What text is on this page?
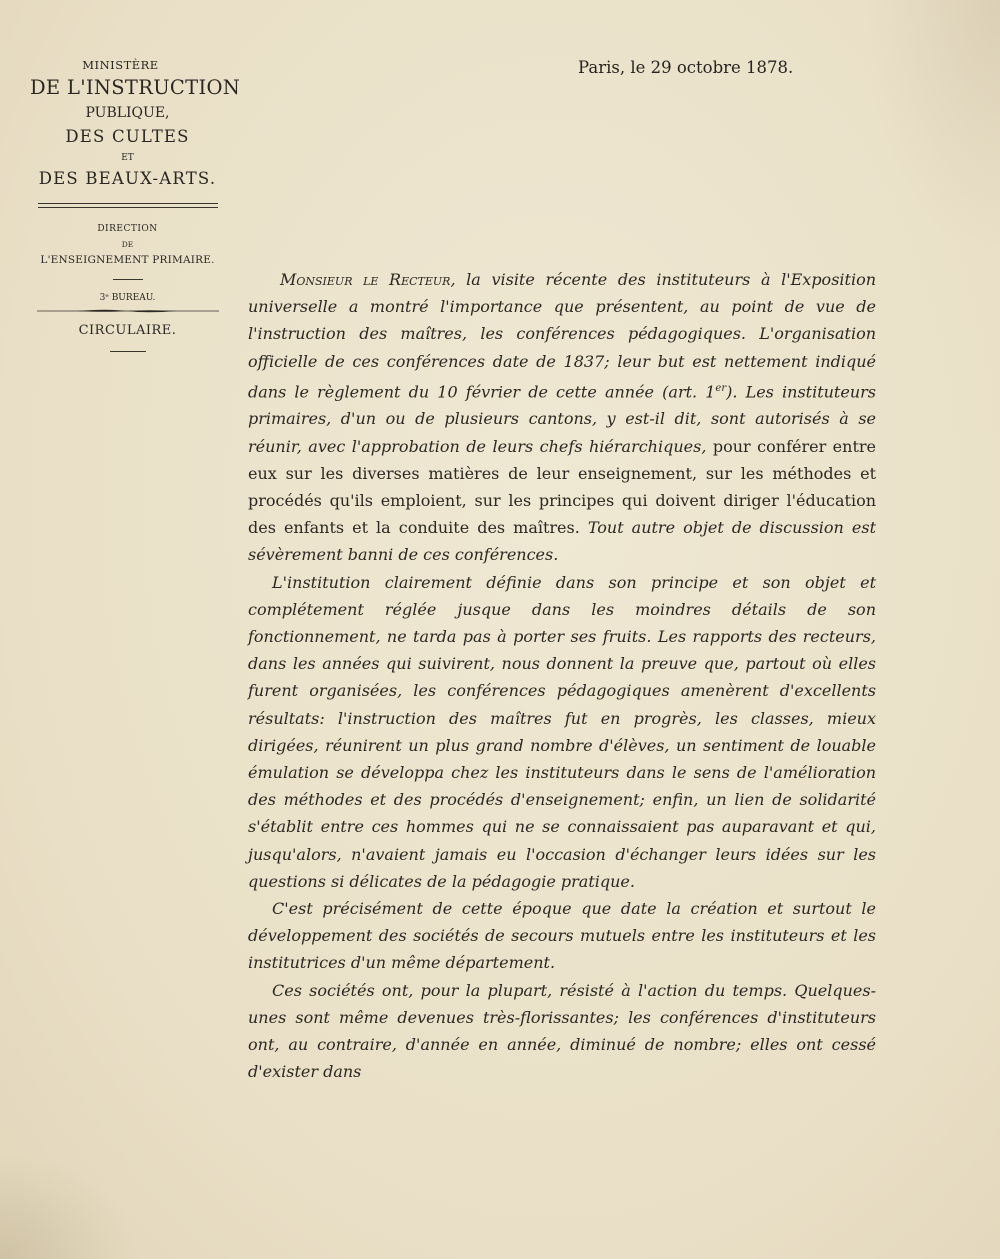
MINISTÈRE
DE L'INSTRUCTION
PUBLIQUE,
DES CULTES
ET
DES BEAUX-ARTS.
DIRECTION
DE
L'ENSEIGNEMENT PRIMAIRE.
3ᵉ BUREAU.
CIRCULAIRE.
Paris, le 29 octobre 1878.

Monsieur le Recteur, la visite récente des instituteurs à l'Exposition universelle a montré l'importance que présentent, au point de vue de l'instruction des maîtres, les conférences pédagogiques. L'organisation officielle de ces conférences date de 1837; leur but est nettement indiqué dans le règlement du 10 février de cette année (art. 1er). Les instituteurs primaires, d'un ou de plusieurs cantons, y est-il dit, sont autorisés à se réunir, avec l'approbation de leurs chefs hiérarchiques, pour conférer entre eux sur les diverses matières de leur enseignement, sur les méthodes et procédés qu'ils emploient, sur les principes qui doivent diriger l'éducation des enfants et la conduite des maîtres. Tout autre objet de discussion est sévèrement banni de ces conférences.

L'institution clairement définie dans son principe et son objet et complétement réglée jusque dans les moindres détails de son fonctionnement, ne tarda pas à porter ses fruits. Les rapports des recteurs, dans les années qui suivirent, nous donnent la preuve que, partout où elles furent organisées, les conférences pédagogiques amenèrent d'excellents résultats: l'instruction des maîtres fut en progrès, les classes, mieux dirigées, réunirent un plus grand nombre d'élèves, un sentiment de louable émulation se développa chez les instituteurs dans le sens de l'amélioration des méthodes et des procédés d'enseignement; enfin, un lien de solidarité s'établit entre ces hommes qui ne se connaissaient pas auparavant et qui, jusqu'alors, n'avaient jamais eu l'occasion d'échanger leurs idées sur les questions si délicates de la pédagogie pratique.

C'est précisément de cette époque que date la création et surtout le développement des sociétés de secours mutuels entre les instituteurs et les institutrices d'un même département.

Ces sociétés ont, pour la plupart, résisté à l'action du temps. Quelques-unes sont même devenues très-florissantes; les conférences d'instituteurs ont, au contraire, d'année en année, diminué de nombre; elles ont cessé d'exister dans
